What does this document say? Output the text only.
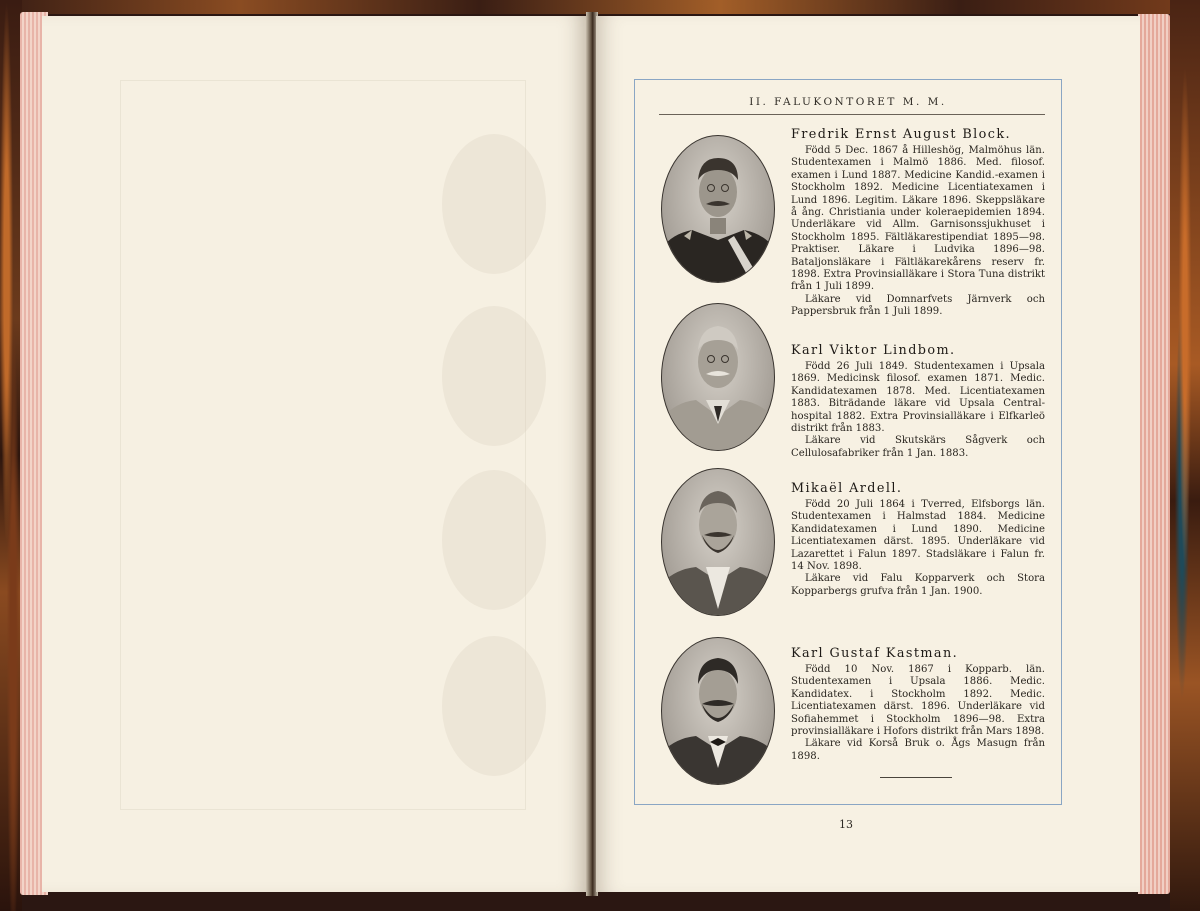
II. FALUKONTORET M. M.

Fredrik Ernst August Block.

Född 5 Dec. 1867 å Hilleshög, Malmöhus län. Studentexamen i Malmö 1886. Med. filosof. examen i Lund 1887. Medicine Kandid.-examen i Stockholm 1892. Medicine Licentiatexamen i Lund 1896. Legitim. Läkare 1896. Skeppsläkare å ång. Christiania under koleraepidemien 1894. Underläkare vid Allm. Garnisonssjukhuset i Stockholm 1895. Fältläkarestipendiat 1895—98. Praktiser. Läkare i Ludvika 1896—98. Bataljonsläkare i Fältläkarekårens reserv fr. 1898. Extra Provinsialläkare i Stora Tuna distrikt från 1 Juli 1899.

Läkare vid Domnarfvets Järnverk och Pappersbruk från 1 Juli 1899.

Karl Viktor Lindbom.

Född 26 Juli 1849. Studentexamen i Upsala 1869. Medicinsk filosof. examen 1871. Medic. Kandidatexamen 1878. Med. Licentiatexamen 1883. Biträdande läkare vid Upsala Central-hospital 1882. Extra Provinsialläkare i Elfkarleö distrikt från 1883.

Läkare vid Skutskärs Sågverk och Cellulosafabriker från 1 Jan. 1883.

Mikaël Ardell.

Född 20 Juli 1864 i Tverred, Elfsborgs län. Studentexamen i Halmstad 1884. Medicine Kandidatexamen i Lund 1890. Medicine Licentiatexamen därst. 1895. Underläkare vid Lazarettet i Falun 1897. Stadsläkare i Falun fr. 14 Nov. 1898.

Läkare vid Falu Kopparverk och Stora Kopparbergs grufva från 1 Jan. 1900.

Karl Gustaf Kastman.

Född 10 Nov. 1867 i Kopparb. län. Studentexamen i Upsala 1886. Medic. Kandidatex. i Stockholm 1892. Medic. Licentiatexamen därst. 1896. Underläkare vid Sofiahemmet i Stockholm 1896—98. Extra provinsialläkare i Hofors distrikt från Mars 1898.

Läkare vid Korså Bruk o. Ågs Masugn från 1898.

13
